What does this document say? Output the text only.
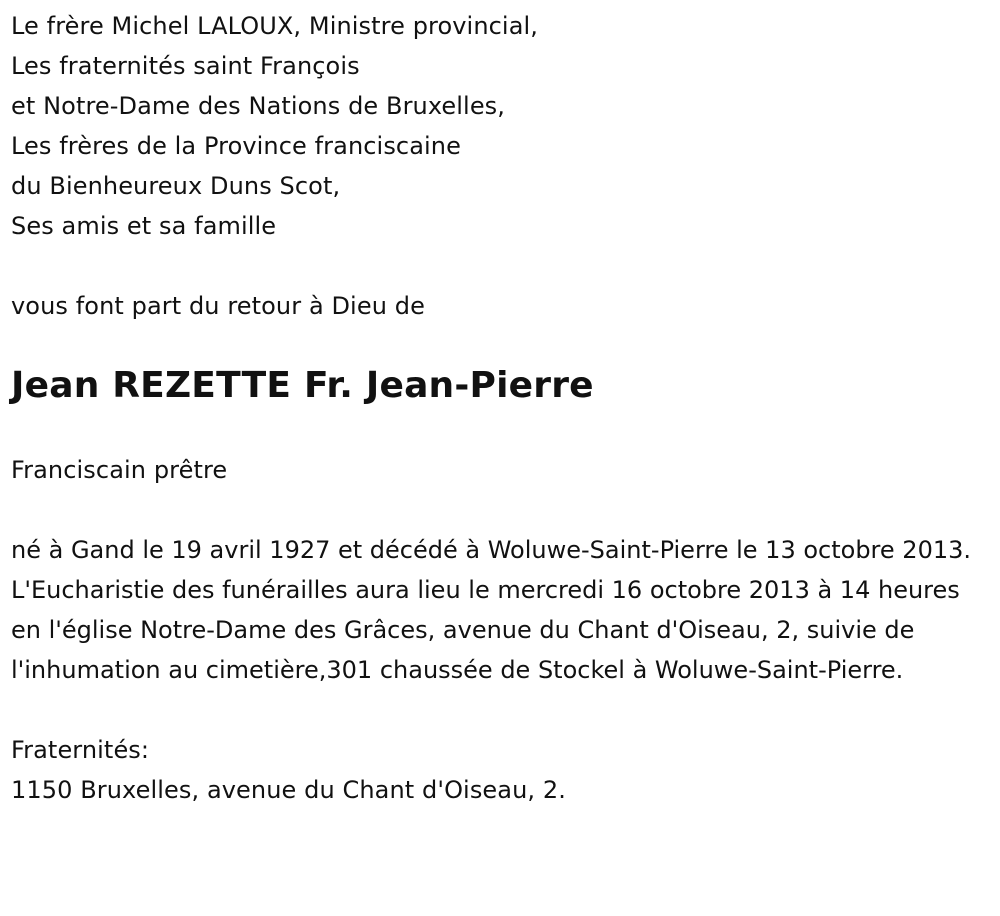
Le frère Michel LALOUX, Ministre provincial,
Les fraternités saint François
et Notre-Dame des Nations de Bruxelles,
Les frères de la Province franciscaine
du Bienheureux Duns Scot,
Ses amis et sa famille
vous font part du retour à Dieu de
Jean REZETTE Fr. Jean-Pierre
Franciscain prêtre

né à Gand le 19 avril 1927 et décédé à Woluwe-Saint-Pierre le 13 octobre 2013.

L'Eucharistie des funérailles aura lieu le mercredi 16 octobre 2013 à 14 heures en l'église Notre-Dame des Grâces, avenue du Chant d'Oiseau, 2, suivie de l'inhumation au cimetière,301 chaussée de Stockel à Woluwe-Saint-Pierre.

Fraternités:
1150 Bruxelles, avenue du Chant d'Oiseau, 2.
